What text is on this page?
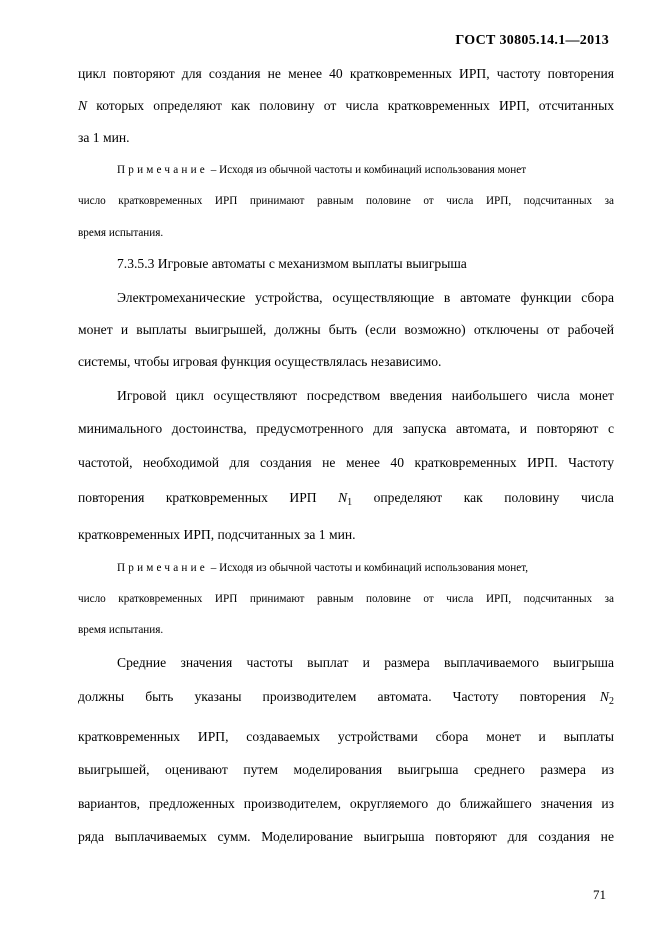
ГОСТ 30805.14.1—2013
цикл повторяют для создания не менее 40 кратковременных ИРП, частоту повторения
N которых определяют как половину от числа кратковременных ИРП, отсчитанных
за 1 мин.
Примечание – Исходя из обычной частоты и комбинаций использования монет
число кратковременных ИРП принимают равным половине от числа ИРП, подсчитанных за
время испытания.
7.3.5.3 Игровые автоматы с механизмом выплаты выигрыша
Электромеханические устройства, осуществляющие в автомате функции сбора
монет и выплаты выигрышей, должны быть (если возможно) отключены от рабочей
системы, чтобы игровая функция осуществлялась независимо.
Игровой цикл осуществляют посредством введения наибольшего числа монет
минимального достоинства, предусмотренного для запуска автомата, и повторяют с
частотой, необходимой для создания не менее 40 кратковременных ИРП. Частоту
повторения кратковременных ИРП $N_1$ определяют как половину числа
кратковременных ИРП, подсчитанных за 1 мин.
Примечание – Исходя из обычной частоты и комбинаций использования монет,
число кратковременных ИРП принимают равным половине от числа ИРП, подсчитанных за
время испытания.
Средние значения частоты выплат и размера выплачиваемого выигрыша
должны быть указаны производителем автомата. Частоту повторения	$N_2$
кратковременных ИРП, создаваемых устройствами сбора монет и выплаты
выигрышей, оценивают путем моделирования выигрыша среднего размера из
вариантов, предложенных производителем, округляемого до ближайшего значения из
ряда выплачиваемых сумм. Моделирование выигрыша повторяют для создания не
71
